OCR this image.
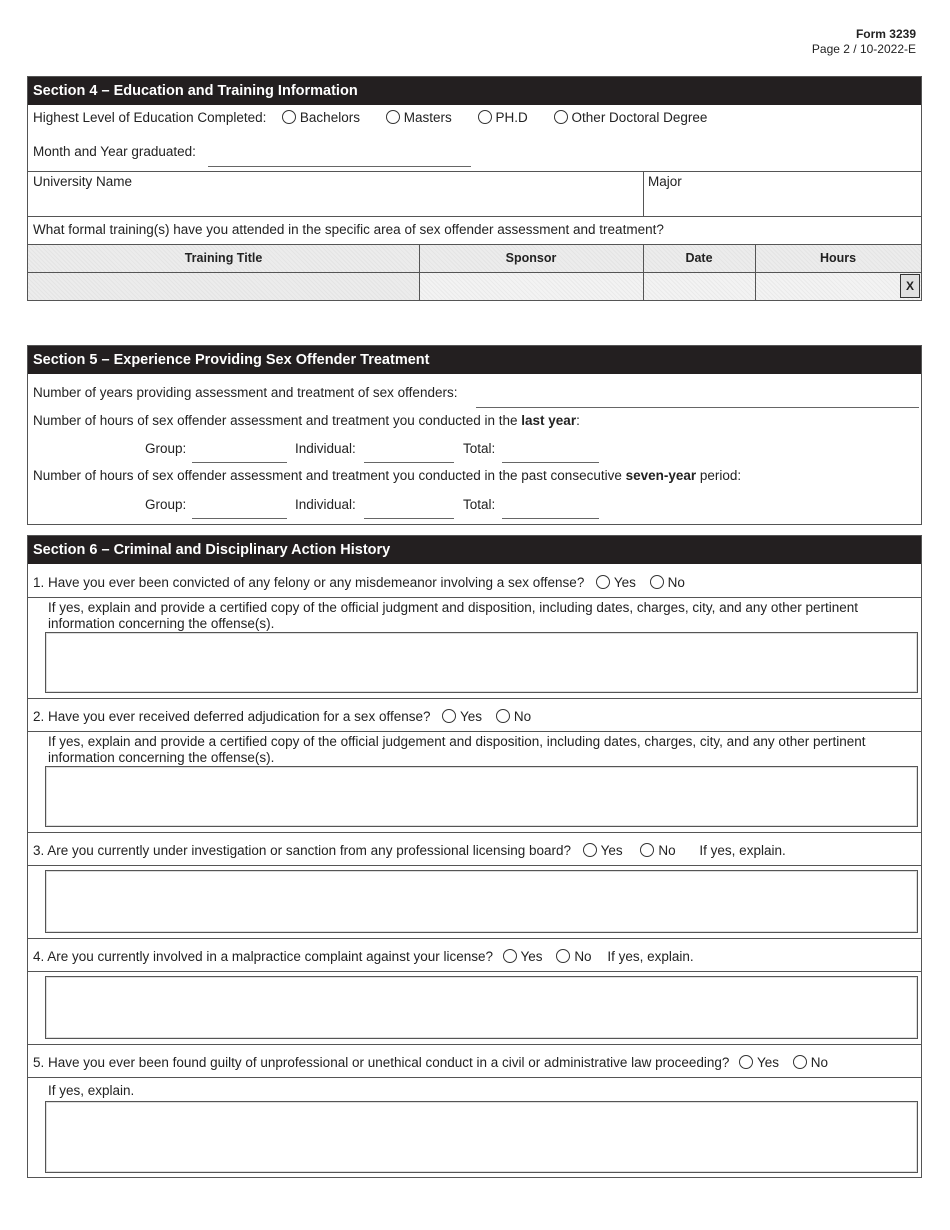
Form 3239
Page 2 / 10-2022-E
Section 4 – Education and Training Information
Highest Level of Education Completed: Bachelors	Masters	PH.D	Other Doctoral Degree
Month and Year graduated:
University Name	Major
What formal training(s) have you attended in the specific area of sex offender assessment and treatment?
Training Title	Sponsor	Date	Hours
X
Section 5 – Experience Providing Sex Offender Treatment
Number of years providing assessment and treatment of sex offenders:
Number of hours of sex offender assessment and treatment you conducted in the last year:
Group:	Individual:	Total:
Number of hours of sex offender assessment and treatment you conducted in the past consecutive seven-year period:
Group:	Individual:	Total:
Section 6 – Criminal and Disciplinary Action History
1. Have you ever been convicted of any felony or any misdemeanor involving a sex offense? Yes No
If yes, explain and provide a certified copy of the official judgment and disposition, including dates, charges, city, and any other pertinent information concerning the offense(s).
2. Have you ever received deferred adjudication for a sex offense? Yes No
If yes, explain and provide a certified copy of the official judgement and disposition, including dates, charges, city, and any other pertinent information concerning the offense(s).
3. Are you currently under investigation or sanction from any professional licensing board? Yes	No If yes, explain.
4. Are you currently involved in a malpractice complaint against your license? Yes No If yes, explain.
5. Have you ever been found guilty of unprofessional or unethical conduct in a civil or administrative law proceeding? Yes No
If yes, explain.
